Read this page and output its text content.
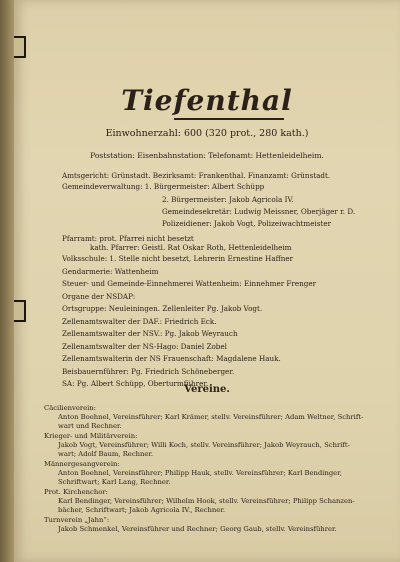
Tiefenthal
Einwohnerzahl: 600 (320 prot., 280 kath.)
Poststation: Eisenbahnstation: Telefonamt: Hettenleidelheim.
Amtsgericht: Grünstadt. Bezirksamt: Frankenthal. Finanzamt: Grünstadt.
Gemeindeverwaltung: 1. Bürgermeister: Albert Schüpp
2. Bürgermeister: Jakob Agricola IV.
Gemeindesekretär: Ludwig Meissner, Oberjäger r. D.
Polizeidiener: Jakob Vogt, Polizeiwachtmeister
Pfarramt: prot. Pfarrei nicht besetzt
kath. Pfarrer: Geistl. Rat Oskar Roth, Hettenleidelheim
Volksschule: 1. Stelle nicht besetzt, Lehrerin Ernestine Haffner
Gendarmerie: Wattenheim
Steuer- und Gemeinde-Einnehmerei Wattenheim: Einnehmer Frenger
Organe der NSDAP:
Ortsgruppe: Neuleiningen. Zellenleiter Pg. Jakob Vogt.
Zellenamtswalter der DAF.: Friedrich Eck.
Zellenamtswalter der NSV.: Pg. Jakob Weyrauch
Zellenamtswalter der NS-Hago: Daniel Zobel
Zellenamtswalterin der NS Frauenschaft: Magdalene Hauk.
Beisbauernführer: Pg. Friedrich Schöneberger.
SA: Pg. Albert Schüpp, Oberturmführer.
Vereine.
Cäcilienverein:
Anton Boehnel, Vereinsführer; Karl Krämer, stellv. Vereinsführer; Adam Weltner, Schrift-
wart und Rechner.
Krieger- und Militärverein:
Jakob Vogt, Vereinsführer; Willi Koch, stellv. Vereinsführer; Jakob Weyrauch, Schrift-
wart; Adolf Baum, Rechner.
Männergesangverein:
Anton Boehnel, Vereinsführer; Philipp Hauk, stellv. Vereinsführer; Karl Bendinger,
Schriftwart; Karl Lang, Rechner.
Prot. Kirchenchor:
Karl Bendinger, Vereinsführer; Wilhelm Hook, stellv. Vereinsführer; Philipp Schanzen-
bächer, Schriftwart; Jakob Agricola IV., Rechner.
Turnverein „Jahn“:
Jakob Schmenkel, Vereinsführer und Rechner; Georg Gaub, stellv. Vereinsführer.
